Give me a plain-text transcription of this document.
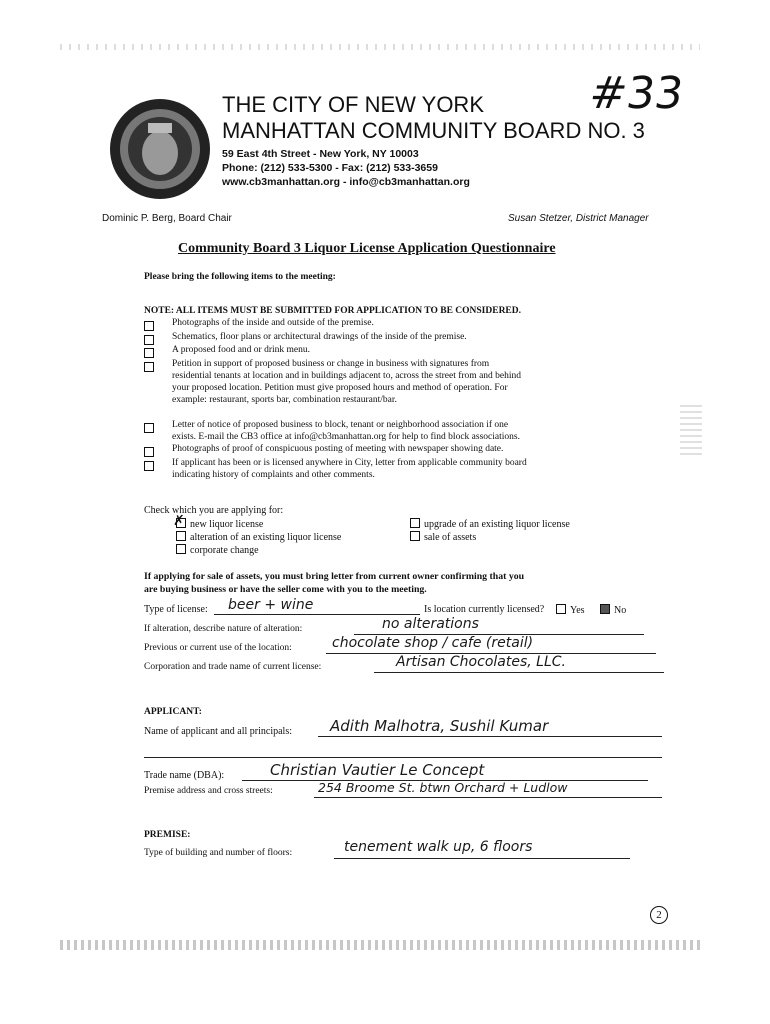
#33
THE CITY OF NEW YORK
MANHATTAN COMMUNITY BOARD NO. 3
59 East 4th Street - New York, NY 10003
Phone: (212) 533-5300 - Fax: (212) 533-3659
www.cb3manhattan.org - info@cb3manhattan.org
Dominic P. Berg, Board Chair	Susan Stetzer, District Manager
Community Board 3 Liquor License Application Questionnaire
Please bring the following items to the meeting:
NOTE: ALL ITEMS MUST BE SUBMITTED FOR APPLICATION TO BE CONSIDERED.
Photographs of the inside and outside of the premise.
Schematics, floor plans or architectural drawings of the inside of the premise.
A proposed food and or drink menu.
Petition in support of proposed business or change in business with signatures from
residential tenants at location and in buildings adjacent to, across the street from and behind
your proposed location. Petition must give proposed hours and method of operation. For
example: restaurant, sports bar, combination restaurant/bar.
Letter of notice of proposed business to block, tenant or neighborhood association if one
exists. E-mail the CB3 office at info@cb3manhattan.org for help to find block associations.
Photographs of proof of conspicuous posting of meeting with newspaper showing date.
If applicant has been or is licensed anywhere in City, letter from applicable community board
indicating history of complaints and other comments.
Check which you are applying for:
✗ new liquor license
alteration of an existing liquor license
corporate change
upgrade of an existing liquor license
sale of assets
If applying for sale of assets, you must bring letter from current owner confirming that you
are buying business or have the seller come with you to the meeting.
Type of license: beer + wine	Is location currently licensed?	Yes	No
If alteration, describe nature of alteration:	no alterations
Previous or current use of the location:	chocolate shop / cafe (retail)
Corporation and trade name of current license:	Artisan Chocolates, LLC.
APPLICANT:
Name of applicant and all principals:	Adith Malhotra, Sushil Kumar
Trade name (DBA):	Christian Vautier Le Concept
Premise address and cross streets:	254 Broome St. btwn Orchard + Ludlow
PREMISE:
Type of building and number of floors:	tenement walk up, 6 floors
2
